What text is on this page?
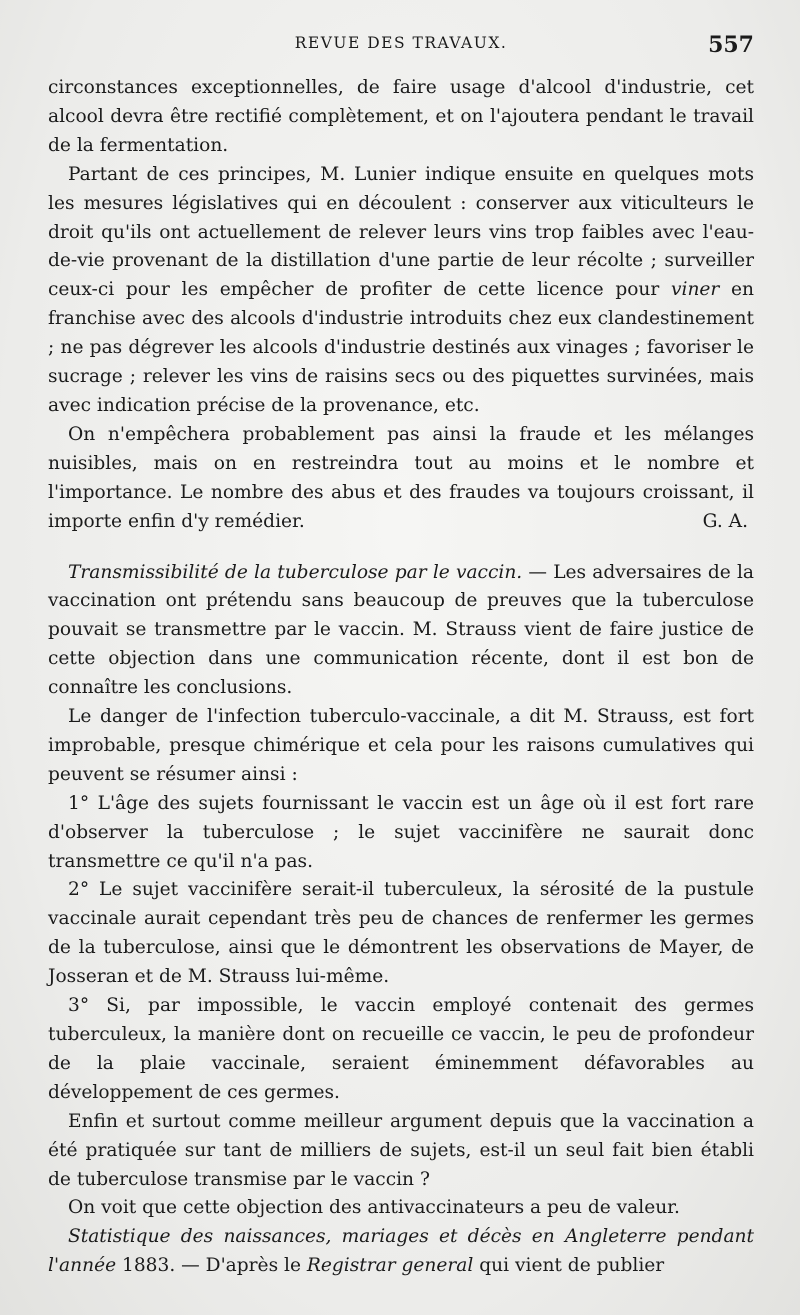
REVUE DES TRAVAUX.	557

circonstances exceptionnelles, de faire usage d'alcool d'industrie, cet alcool devra être rectifié complètement, et on l'ajoutera pendant le travail de la fermentation.

Partant de ces principes, M. Lunier indique ensuite en quelques mots les mesures législatives qui en découlent : conserver aux viticulteurs le droit qu'ils ont actuellement de relever leurs vins trop faibles avec l'eau-de-vie provenant de la distillation d'une partie de leur récolte ; surveiller ceux-ci pour les empêcher de profiter de cette licence pour viner en franchise avec des alcools d'industrie introduits chez eux clandestinement ; ne pas dégrever les alcools d'industrie destinés aux vinages ; favoriser le sucrage ; relever les vins de raisins secs ou des piquettes survinées, mais avec indication précise de la provenance, etc.

On n'empêchera probablement pas ainsi la fraude et les mélanges nuisibles, mais on en restreindra tout au moins et le nombre et l'importance. Le nombre des abus et des fraudes va toujours croissant, il importe enfin d'y remédier.	G. A.

Transmissibilité de la tuberculose par le vaccin. — Les adversaires de la vaccination ont prétendu sans beaucoup de preuves que la tuberculose pouvait se transmettre par le vaccin. M. Strauss vient de faire justice de cette objection dans une communication récente, dont il est bon de connaître les conclusions.

Le danger de l'infection tuberculo-vaccinale, a dit M. Strauss, est fort improbable, presque chimérique et cela pour les raisons cumulatives qui peuvent se résumer ainsi :

1° L'âge des sujets fournissant le vaccin est un âge où il est fort rare d'observer la tuberculose ; le sujet vaccinifère ne saurait donc transmettre ce qu'il n'a pas.

2° Le sujet vaccinifère serait-il tuberculeux, la sérosité de la pustule vaccinale aurait cependant très peu de chances de renfermer les germes de la tuberculose, ainsi que le démontrent les observations de Mayer, de Josseran et de M. Strauss lui-même.

3° Si, par impossible, le vaccin employé contenait des germes tuberculeux, la manière dont on recueille ce vaccin, le peu de profondeur de la plaie vaccinale, seraient éminemment défavorables au développement de ces germes.

Enfin et surtout comme meilleur argument depuis que la vaccination a été pratiquée sur tant de milliers de sujets, est-il un seul fait bien établi de tuberculose transmise par le vaccin ?

On voit que cette objection des antivaccinateurs a peu de valeur.

Statistique des naissances, mariages et décès en Angleterre pendant l'année 1883. — D'après le Registrar general qui vient de publier
